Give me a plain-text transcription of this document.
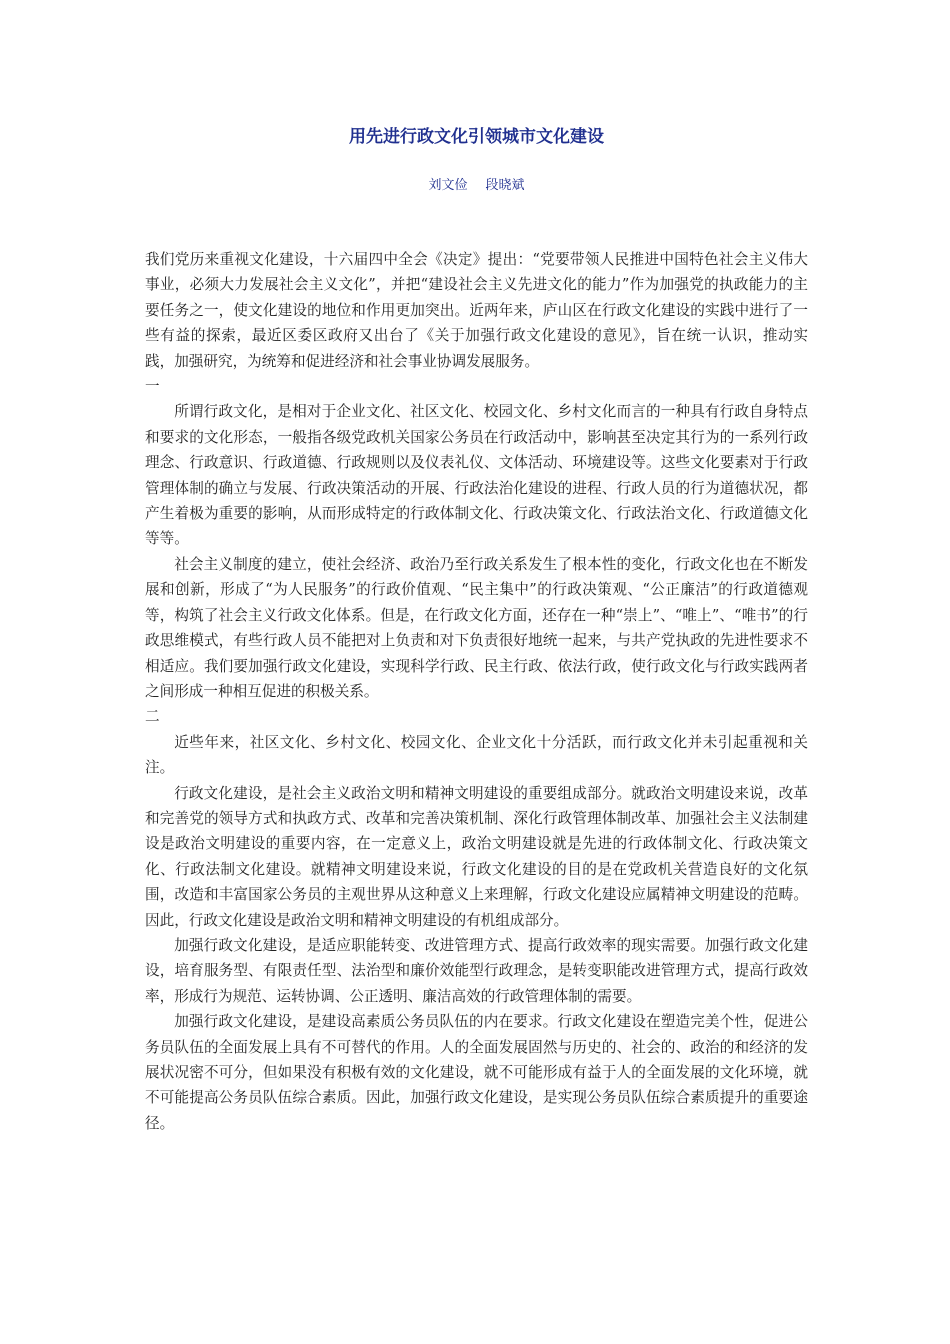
用先进行政文化引领城市文化建设
刘文俭 段晓斌

我们党历来重视文化建设，十六届四中全会《决定》提出：“党要带领人民推进中国特色社会主义伟大事业，必须大力发展社会主义文化”，并把“建设社会主义先进文化的能力”作为加强党的执政能力的主要任务之一，使文化建设的地位和作用更加突出。近两年来，庐山区在行政文化建设的实践中进行了一些有益的探索，最近区委区政府又出台了《关于加强行政文化建设的意见》，旨在统一认识，推动实践，加强研究，为统筹和促进经济和社会事业协调发展服务。

一

所谓行政文化，是相对于企业文化、社区文化、校园文化、乡村文化而言的一种具有行政自身特点和要求的文化形态，一般指各级党政机关国家公务员在行政活动中，影响甚至决定其行为的一系列行政理念、行政意识、行政道德、行政规则以及仪表礼仪、文体活动、环境建设等。这些文化要素对于行政管理体制的确立与发展、行政决策活动的开展、行政法治化建设的进程、行政人员的行为道德状况，都产生着极为重要的影响，从而形成特定的行政体制文化、行政决策文化、行政法治文化、行政道德文化等等。

社会主义制度的建立，使社会经济、政治乃至行政关系发生了根本性的变化，行政文化也在不断发展和创新，形成了“为人民服务”的行政价值观、“民主集中”的行政决策观、“公正廉洁”的行政道德观等，构筑了社会主义行政文化体系。但是，在行政文化方面，还存在一种“崇上”、“唯上”、“唯书”的行政思维模式，有些行政人员不能把对上负责和对下负责很好地统一起来，与共产党执政的先进性要求不相适应。我们要加强行政文化建设，实现科学行政、民主行政、依法行政，使行政文化与行政实践两者之间形成一种相互促进的积极关系。

二

近些年来，社区文化、乡村文化、校园文化、企业文化十分活跃，而行政文化并未引起重视和关注。

行政文化建设，是社会主义政治文明和精神文明建设的重要组成部分。就政治文明建设来说，改革和完善党的领导方式和执政方式、改革和完善决策机制、深化行政管理体制改革、加强社会主义法制建设是政治文明建设的重要内容，在一定意义上，政治文明建设就是先进的行政体制文化、行政决策文化、行政法制文化建设。就精神文明建设来说，行政文化建设的目的是在党政机关营造良好的文化氛围，改造和丰富国家公务员的主观世界从这种意义上来理解，行政文化建设应属精神文明建设的范畴。因此，行政文化建设是政治文明和精神文明建设的有机组成部分。

加强行政文化建设，是适应职能转变、改进管理方式、提高行政效率的现实需要。加强行政文化建设，培育服务型、有限责任型、法治型和廉价效能型行政理念，是转变职能改进管理方式，提高行政效率，形成行为规范、运转协调、公正透明、廉洁高效的行政管理体制的需要。

加强行政文化建设，是建设高素质公务员队伍的内在要求。行政文化建设在塑造完美个性，促进公务员队伍的全面发展上具有不可替代的作用。人的全面发展固然与历史的、社会的、政治的和经济的发展状况密不可分，但如果没有积极有效的文化建设，就不可能形成有益于人的全面发展的文化环境，就不可能提高公务员队伍综合素质。因此，加强行政文化建设，是实现公务员队伍综合素质提升的重要途径。
